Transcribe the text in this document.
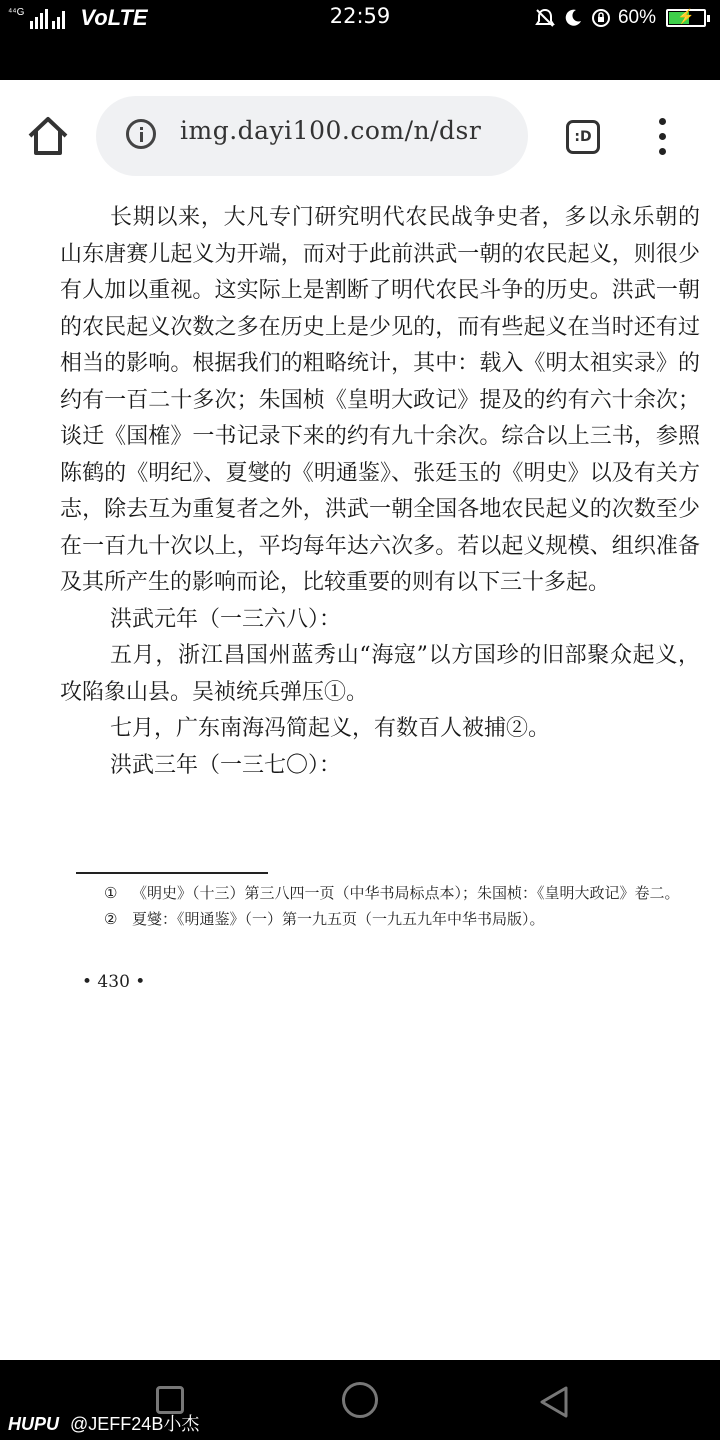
⁴⁴G	VoLTE	22:59	60%	⚡
img.dayi100.com/n/dsr	:D

长期以来，大凡专门研究明代农民战争史者，多以永乐朝的山东唐赛儿起义为开端，而对于此前洪武一朝的农民起义，则很少有人加以重视。这实际上是割断了明代农民斗争的历史。洪武一朝的农民起义次数之多在历史上是少见的，而有些起义在当时还有过相当的影响。根据我们的粗略统计，其中：载入《明太祖实录》的约有一百二十多次；朱国桢《皇明大政记》提及的约有六十余次；谈迁《国榷》一书记录下来的约有九十余次。综合以上三书，参照陈鹤的《明纪》、夏燮的《明通鉴》、张廷玉的《明史》以及有关方志，除去互为重复者之外，洪武一朝全国各地农民起义的次数至少在一百九十次以上，平均每年达六次多。若以起义规模、组织准备及其所产生的影响而论，比较重要的则有以下三十多起。

洪武元年（一三六八）：

五月，浙江昌国州蓝秀山“海寇”以方国珍的旧部聚众起义，攻陷象山县。吴祯统兵弹压①。

七月，广东南海冯简起义，有数百人被捕②。

洪武三年（一三七〇）：

① 《明史》（十三）第三八四一页（中华书局标点本）；朱国桢：《皇明大政记》卷二。
② 夏燮：《明通鉴》（一）第一九五页（一九五九年中华书局版）。
• 430 •
HUPU @JEFF24B小杰
